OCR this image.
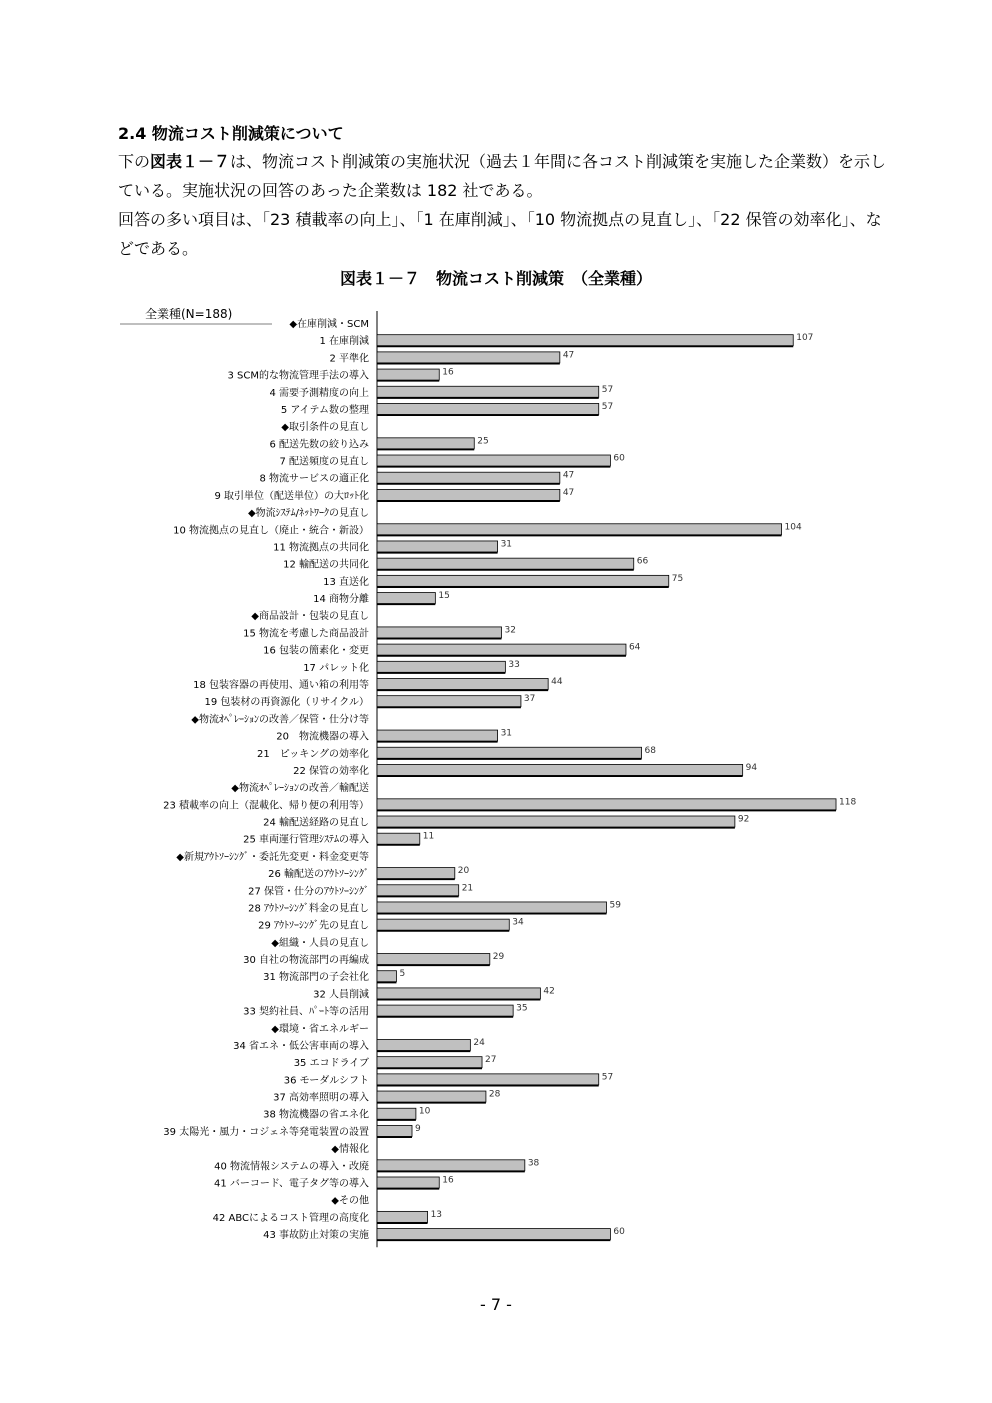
2.4 物流コスト削減策について

下の図表１－７は、物流コスト削減策の実施状況（過去１年間に各コスト削減策を実施した企業数）を示している。実施状況の回答のあった企業数は 182 社である。

回答の多い項目は、「23 積載率の向上」、「1 在庫削減」、「10 物流拠点の見直し」、「22 保管の効率化」、などである。

図表１－７　物流コスト削減策　（全業種）
全業種(N=188)
◆在庫削減・SCM
1 在庫削減	107
2 平準化	47
3 SCM的な物流管理手法の導入	16
4 需要予測精度の向上	57
5 アイテム数の整理	57
◆取引条件の見直し
6 配送先数の絞り込み	25
7 配送頻度の見直し	60
8 物流サービスの適正化	47
9 取引単位（配送単位）の大ﾛｯﾄ化	47
◆物流ｼｽﾃﾑ/ﾈｯﾄﾜｰｸの見直し
10 物流拠点の見直し（廃止・統合・新設）	104
11 物流拠点の共同化	31
12 輸配送の共同化	66
13 直送化	75
14 商物分離	15
◆商品設計・包装の見直し
15 物流を考慮した商品設計	32
16 包装の簡素化・変更	64
17 パレット化	33
18 包装容器の再使用、通い箱の利用等	44
19 包装材の再資源化（リサイクル）	37
◆物流ｵﾍﾟﾚｰｼｮﾝの改善／保管・仕分け等
20　物流機器の導入	31
21　ピッキングの効率化	68
22 保管の効率化	94
◆物流ｵﾍﾟﾚｰｼｮﾝの改善／輸配送
23 積載率の向上（混載化、帰り便の利用等）	118
24 輸配送経路の見直し	92
25 車両運行管理ｼｽﾃﾑの導入	11
◆新規ｱｳﾄｿｰｼﾝｸﾞ・委託先変更・料金変更等
26 輸配送のｱｳﾄｿｰｼﾝｸﾞ	20
27 保管・仕分のｱｳﾄｿｰｼﾝｸﾞ	21
28 ｱｳﾄｿｰｼﾝｸﾞ料金の見直し	59
29 ｱｳﾄｿｰｼﾝｸﾞ先の見直し	34
◆組織・人員の見直し
30 自社の物流部門の再編成	29
31 物流部門の子会社化	5
32 人員削減	42
33 契約社員、ﾊﾟｰﾄ等の活用	35
◆環境・省エネルギー
34 省エネ・低公害車両の導入	24
35 エコドライブ	27
36 モーダルシフト	57
37 高効率照明の導入	28
38 物流機器の省エネ化	10
39 太陽光・風力・コジェネ等発電装置の設置	9
◆情報化
40 物流情報システムの導入・改廃	38
41 バーコード、電子タグ等の導入	16
◆その他
42 ABCによるコスト管理の高度化	13
43 事故防止対策の実施	60
- 7 -
